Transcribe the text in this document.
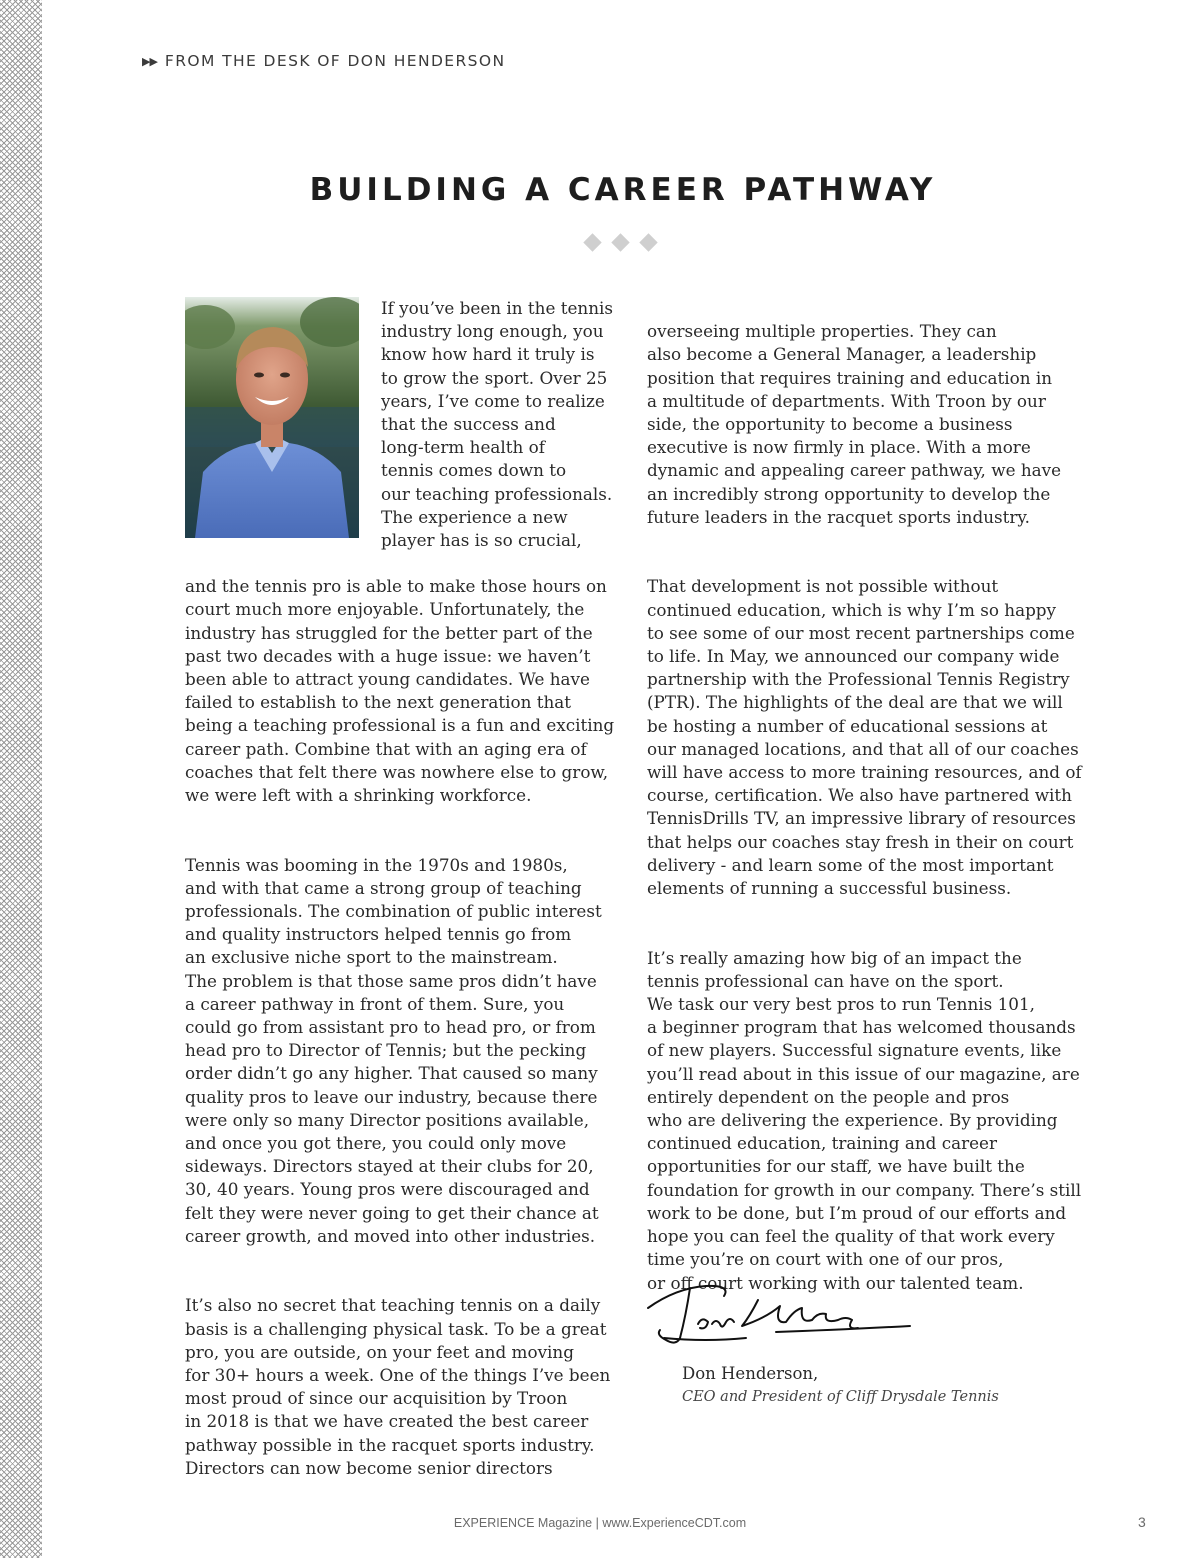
▶▶ FROM THE DESK OF DON HENDERSON
BUILDING A CAREER PATHWAY
If you’ve been in the tennis
industry long enough, you
know how hard it truly is
to grow the sport. Over 25
years, I’ve come to realize
that the success and
long-term health of
tennis comes down to
our teaching professionals.
The experience a new
player has is so crucial,

and the tennis pro is able to make those hours on
court much more enjoyable. Unfortunately, the
industry has struggled for the better part of the
past two decades with a huge issue: we haven’t
been able to attract young candidates. We have
failed to establish to the next generation that
being a teaching professional is a fun and exciting
career path. Combine that with an aging era of
coaches that felt there was nowhere else to grow,
we were left with a shrinking workforce.

Tennis was booming in the 1970s and 1980s,
and with that came a strong group of teaching
professionals. The combination of public interest
and quality instructors helped tennis go from
an exclusive niche sport to the mainstream.
The problem is that those same pros didn’t have
a career pathway in front of them. Sure, you
could go from assistant pro to head pro, or from
head pro to Director of Tennis; but the pecking
order didn’t go any higher. That caused so many
quality pros to leave our industry, because there
were only so many Director positions available,
and once you got there, you could only move
sideways. Directors stayed at their clubs for 20,
30, 40 years. Young pros were discouraged and
felt they were never going to get their chance at
career growth, and moved into other industries.

It’s also no secret that teaching tennis on a daily
basis is a challenging physical task. To be a great
pro, you are outside, on your feet and moving
for 30+ hours a week. One of the things I’ve been
most proud of since our acquisition by Troon
in 2018 is that we have created the best career
pathway possible in the racquet sports industry.
Directors can now become senior directors

overseeing multiple properties. They can
also become a General Manager, a leadership
position that requires training and education in
a multitude of departments. With Troon by our
side, the opportunity to become a business
executive is now firmly in place. With a more
dynamic and appealing career pathway, we have
an incredibly strong opportunity to develop the
future leaders in the racquet sports industry.

That development is not possible without
continued education, which is why I’m so happy
to see some of our most recent partnerships come
to life. In May, we announced our company wide
partnership with the Professional Tennis Registry
(PTR). The highlights of the deal are that we will
be hosting a number of educational sessions at
our managed locations, and that all of our coaches
will have access to more training resources, and of
course, certification. We also have partnered with
TennisDrills TV, an impressive library of resources
that helps our coaches stay fresh in their on court
delivery - and learn some of the most important
elements of running a successful business.

It’s really amazing how big of an impact the
tennis professional can have on the sport.
We task our very best pros to run Tennis 101,
a beginner program that has welcomed thousands
of new players. Successful signature events, like
you’ll read about in this issue of our magazine, are
entirely dependent on the people and pros
who are delivering the experience. By providing
continued education, training and career
opportunities for our staff, we have built the
foundation for growth in our company. There’s still
work to be done, but I’m proud of our efforts and
hope you can feel the quality of that work every
time you’re on court with one of our pros,
or off court working with our talented team.

Don Henderson,
CEO and President of Cliff Drysdale Tennis
EXPERIENCE Magazine | www.ExperienceCDT.com	3
